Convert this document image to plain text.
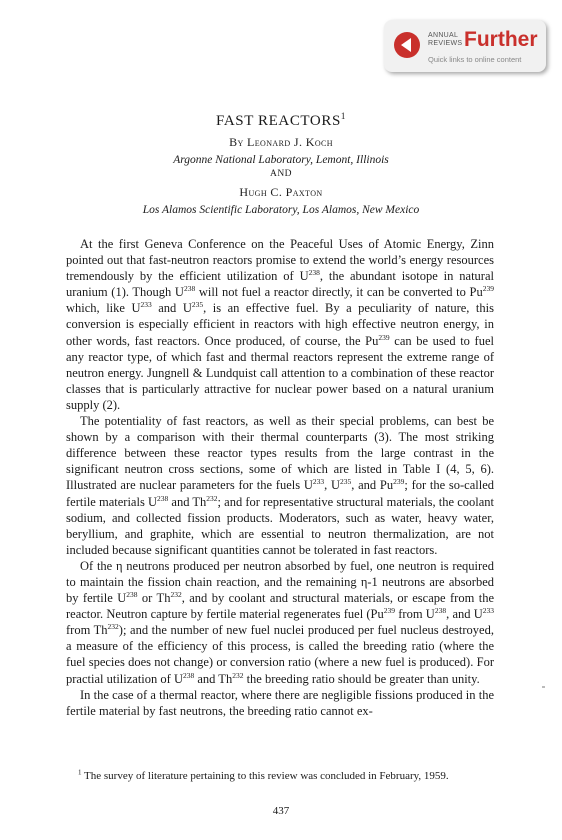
ANNUAL
REVIEWS Further
Quick links to online content
FAST REACTORS$^1$
By Leonard J. Koch
Argonne National Laboratory, Lemont, Illinois
AND
Hugh C. Paxton
Los Alamos Scientific Laboratory, Los Alamos, New Mexico

At the first Geneva Conference on the Peaceful Uses of Atomic Energy, Zinn pointed out that fast-neutron reactors promise to extend the world’s energy resources tremendously by the efficient utilization of $U^{238}$, the abundant isotope in natural uranium (1). Though $U^{238}$ will not fuel a reactor directly, it can be converted to Pu$^{239}$ which, like $U^{233}$ and $U^{235}$, is an effective fuel. By a peculiarity of nature, this conversion is especially efficient in reactors with high effective neutron energy, in other words, fast reactors. Once produced, of course, the Pu$^{239}$ can be used to fuel any reactor type, of which fast and thermal reactors represent the extreme range of neutron energy. Jungnell & Lundquist call attention to a combination of these reactor classes that is particularly attractive for nuclear power based on a natural uranium supply (2).

The potentiality of fast reactors, as well as their special problems, can best be shown by a comparison with their thermal counterparts (3). The most striking difference between these reactor types results from the large contrast in the significant neutron cross sections, some of which are listed in Table I (4, 5, 6). Illustrated are nuclear parameters for the fuels $U^{233}$, $U^{235}$, and Pu$^{239}$; for the so-called fertile materials $U^{238}$ and Th$^{232}$; and for representative structural materials, the coolant sodium, and collected fission products. Moderators, such as water, heavy water, beryllium, and graphite, which are essential to neutron thermalization, are not included because significant quantities cannot be tolerated in fast reactors.

Of the η neutrons produced per neutron absorbed by fuel, one neutron is required to maintain the fission chain reaction, and the remaining η-1 neutrons are absorbed by fertile $U^{238}$ or Th$^{232}$, and by coolant and structural materials, or escape from the reactor. Neutron capture by fertile material regenerates fuel (Pu$^{239}$ from $U^{238}$, and $U^{233}$ from Th$^{232}$); and the number of new fuel nuclei produced per fuel nucleus destroyed, a measure of the efficiency of this process, is called the breeding ratio (where the fuel species does not change) or conversion ratio (where a new fuel is produced). For practial utilization of $U^{238}$ and Th$^{232}$ the breeding ratio should be greater than unity.

In the case of a thermal reactor, where there are negligible fissions produced in the fertile material by fast neutrons, the breeding ratio cannot ex-

$^1$ The survey of literature pertaining to this review was concluded in February, 1959.
437
